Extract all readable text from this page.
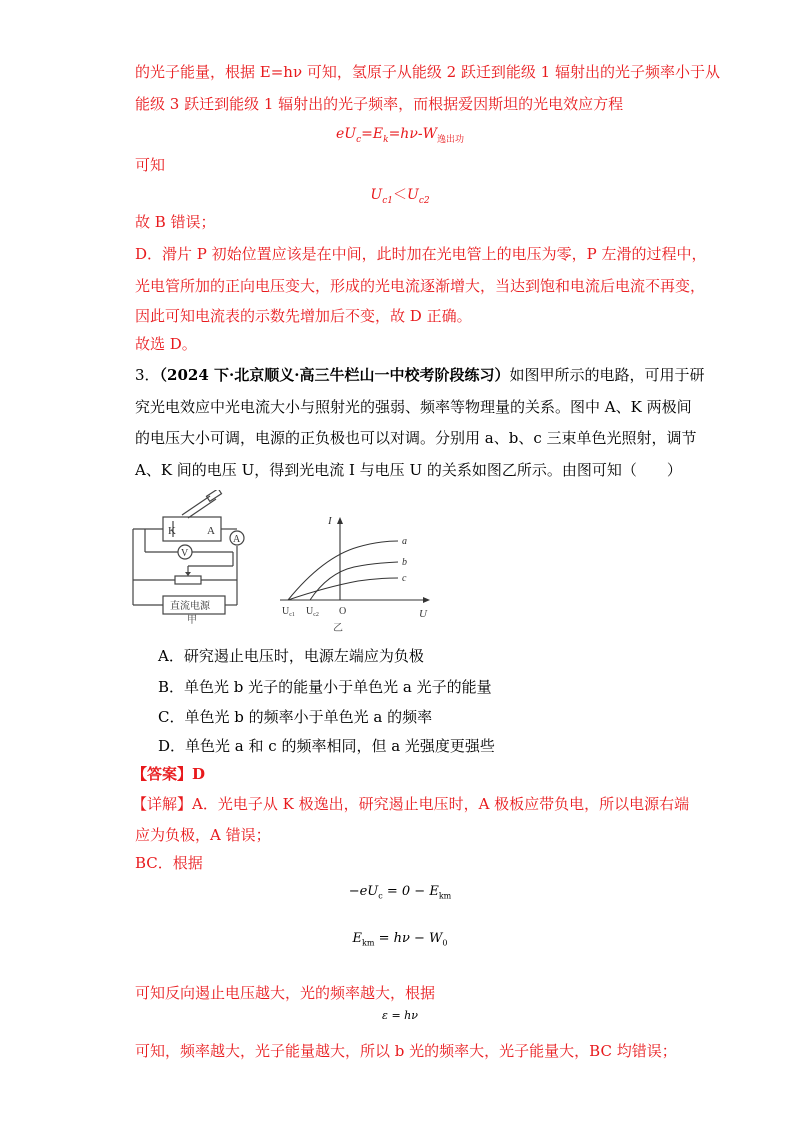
的光子能量，根据 E=hν 可知，氢原子从能级 2 跃迁到能级 1 辐射出的光子频率小于从
能级 3 跃迁到能级 1 辐射出的光子频率，而根据爱因斯坦的光电效应方程
$eU_c=E_k=h\nu-W_{逸出功}$
可知
$U_{c1}<U_{c2}$
故 B 错误；
D．滑片 P 初始位置应该是在中间，此时加在光电管上的电压为零，P 左滑的过程中，
光电管所加的正向电压变大，形成的光电流逐渐增大，当达到饱和电流后电流不再变，
因此可知电流表的示数先增加后不变，故 D 正确。
故选 D。
3．（2024 下·北京顺义·高三牛栏山一中校考阶段练习）如图甲所示的电路，可用于研
究光电效应中光电流大小与照射光的强弱、频率等物理量的关系。图中 A、K 两极间
的电压大小可调，电源的正负极也可以对调。分别用 a、b、c 三束单色光照射，调节
A、K 间的电压 U，得到光电流 I 与电压 U 的关系如图乙所示。由图可知（　　）
K	A
V
A
直流电源
甲
I
U
a
b
c
$U_{c1}$ $U_{c2}$ O
乙
A．研究遏止电压时，电源左端应为负极
B．单色光 b 光子的能量小于单色光 a 光子的能量
C．单色光 b 的频率小于单色光 a 的频率
D．单色光 a 和 c 的频率相同，但 a 光强度更强些
【答案】D
【详解】A．光电子从 K 极逸出，研究遏止电压时，A 极板应带负电，所以电源右端
应为负极，A 错误；
BC．根据
$-eU_c = 0 - E_{km}$
$E_{km} = h\nu - W_0$
可知反向遏止电压越大，光的频率越大，根据
ε = hν
可知，频率越大，光子能量越大，所以 b 光的频率大，光子能量大，BC 均错误；
